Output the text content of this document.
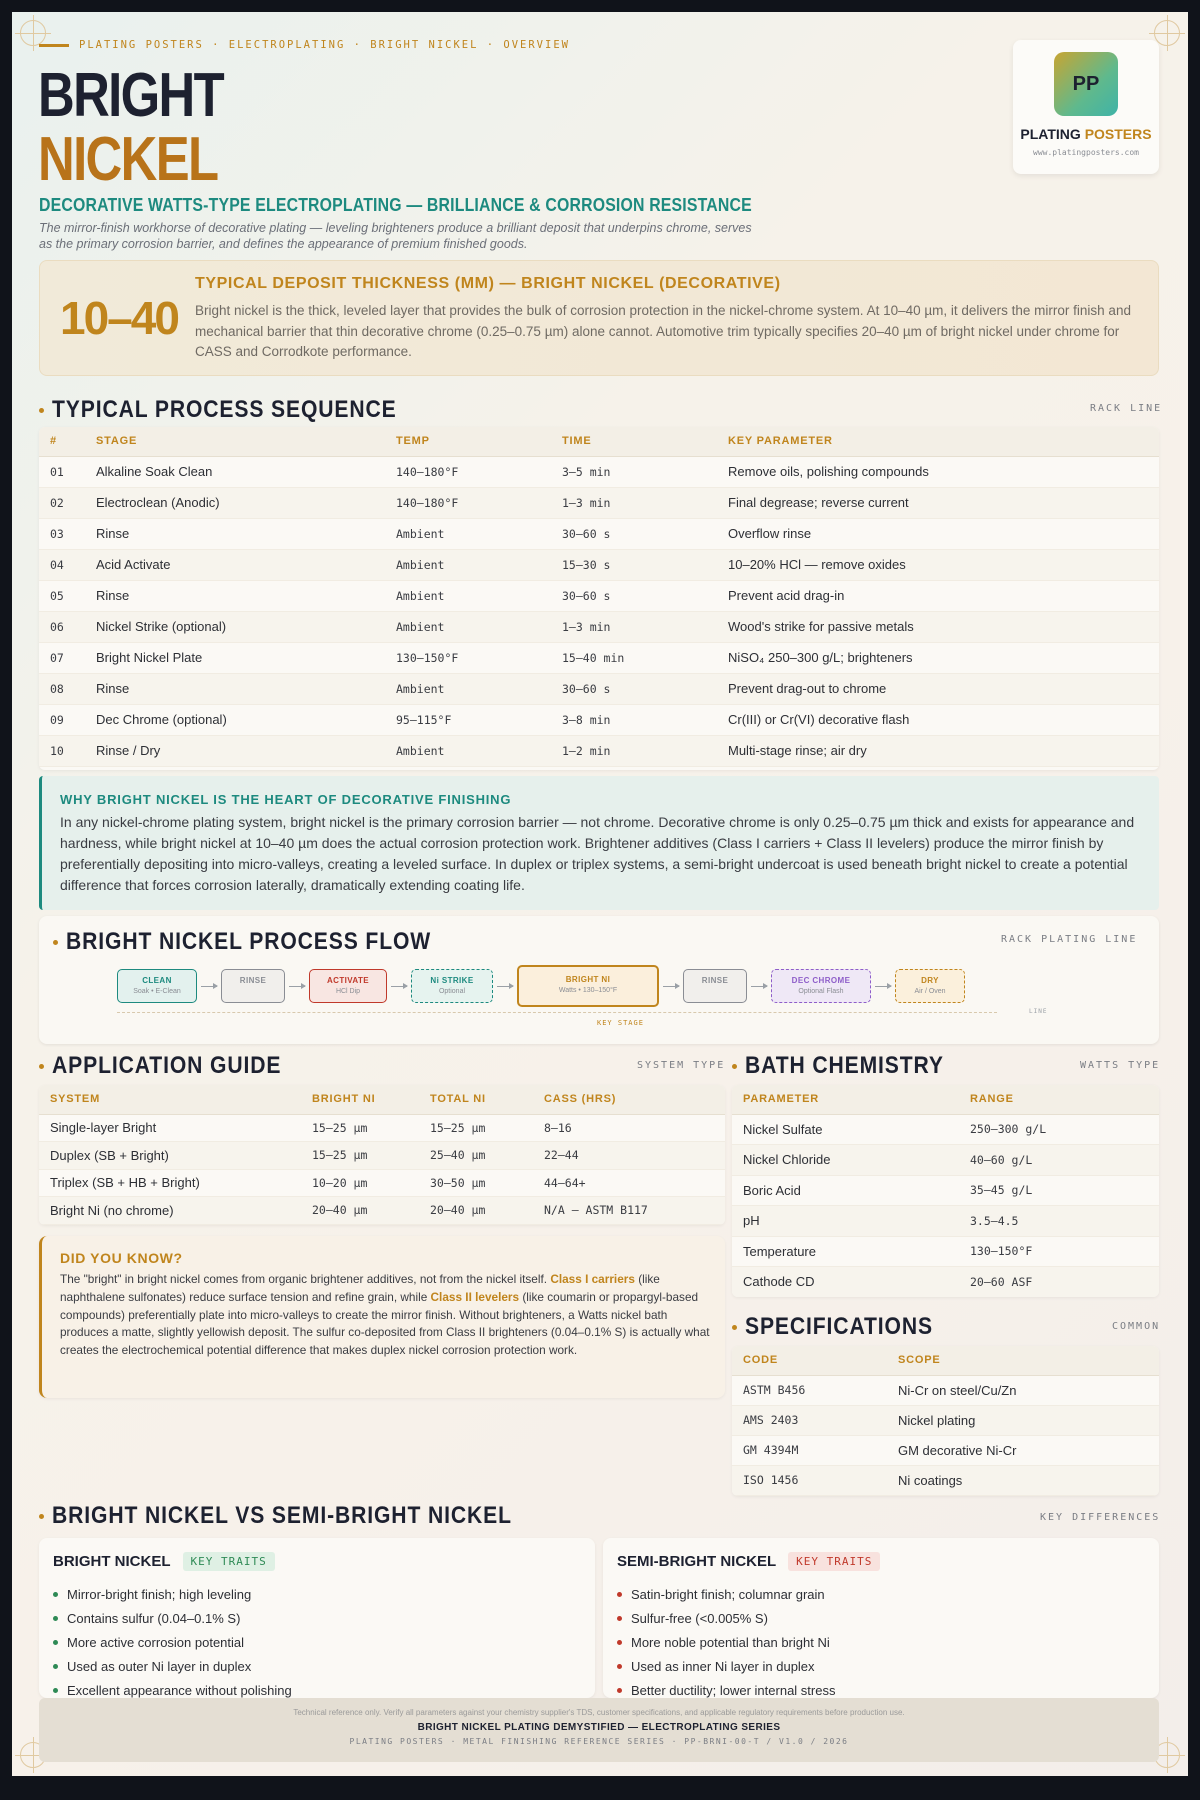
PLATING POSTERS · ELECTROPLATING · BRIGHT NICKEL · OVERVIEW
BRIGHT
NICKEL
DECORATIVE WATTS-TYPE ELECTROPLATING — BRILLIANCE & CORROSION RESISTANCE
The mirror-finish workhorse of decorative plating — leveling brighteners produce a brilliant deposit that underpins chrome, serves as the primary corrosion barrier, and defines the appearance of premium finished goods.
PP
PLATING POSTERS
www.platingposters.com
10–40
TYPICAL DEPOSIT THICKNESS (ΜM) — BRIGHT NICKEL (DECORATIVE)
Bright nickel is the thick, leveled layer that provides the bulk of corrosion protection in the nickel-chrome system. At 10–40 µm, it delivers the mirror finish and mechanical barrier that thin decorative chrome (0.25–0.75 µm) alone cannot. Automotive trim typically specifies 20–40 µm of bright nickel under chrome for CASS and Corrodkote performance.
TYPICAL PROCESS SEQUENCE	RACK LINE
#	STAGE	TEMP	TIME	KEY PARAMETER
01	Alkaline Soak Clean	140–180°F	3–5 min	Remove oils, polishing compounds
02	Electroclean (Anodic)	140–180°F	1–3 min	Final degrease; reverse current
03	Rinse	Ambient	30–60 s	Overflow rinse
04	Acid Activate	Ambient	15–30 s	10–20% HCl — remove oxides
05	Rinse	Ambient	30–60 s	Prevent acid drag-in
06	Nickel Strike (optional)	Ambient	1–3 min	Wood's strike for passive metals
07	Bright Nickel Plate	130–150°F	15–40 min	NiSO₄ 250–300 g/L; brighteners
08	Rinse	Ambient	30–60 s	Prevent drag-out to chrome
09	Dec Chrome (optional)	95–115°F	3–8 min	Cr(III) or Cr(VI) decorative flash
10	Rinse / Dry	Ambient	1–2 min	Multi-stage rinse; air dry
WHY BRIGHT NICKEL IS THE HEART OF DECORATIVE FINISHING
In any nickel-chrome plating system, bright nickel is the primary corrosion barrier — not chrome. Decorative chrome is only 0.25–0.75 µm thick and exists for appearance and hardness, while bright nickel at 10–40 µm does the actual corrosion protection work. Brightener additives (Class I carriers + Class II levelers) produce the mirror finish by preferentially depositing into micro-valleys, creating a leveled surface. In duplex or triplex systems, a semi-bright undercoat is used beneath bright nickel to create a potential difference that forces corrosion laterally, dramatically extending coating life.
BRIGHT NICKEL PROCESS FLOW	RACK PLATING LINE
CLEAN
Soak • E-Clean
RINSE	ACTIVATE
HCl Dip
Ni STRIKE
Optional
BRIGHT NI
Watts • 130–150°F
RINSE	DEC CHROME
Optional Flash
DRY
Air / Oven
KEY STAGE
LINE
APPLICATION GUIDE	SYSTEM TYPE
SYSTEM	BRIGHT NI	TOTAL NI	CASS (HRS)
Single-layer Bright	15–25 µm	15–25 µm	8–16
Duplex (SB + Bright)	15–25 µm	25–40 µm	22–44
Triplex (SB + HB + Bright)	10–20 µm	30–50 µm	44–64+
Bright Ni (no chrome)	20–40 µm	20–40 µm	N/A — ASTM B117
DID YOU KNOW?
The "bright" in bright nickel comes from organic brightener additives, not from the nickel itself. Class I carriers (like naphthalene sulfonates) reduce surface tension and refine grain, while Class II levelers (like coumarin or propargyl-based compounds) preferentially plate into micro-valleys to create the mirror finish. Without brighteners, a Watts nickel bath produces a matte, slightly yellowish deposit. The sulfur co-deposited from Class II brighteners (0.04–0.1% S) is actually what creates the electrochemical potential difference that makes duplex nickel corrosion protection work.
BATH CHEMISTRY	WATTS TYPE
PARAMETER	RANGE
Nickel Sulfate	250–300 g/L
Nickel Chloride	40–60 g/L
Boric Acid	35–45 g/L
pH	3.5–4.5
Temperature	130–150°F
Cathode CD	20–60 ASF
SPECIFICATIONS	COMMON
CODE	SCOPE
ASTM B456	Ni-Cr on steel/Cu/Zn
AMS 2403	Nickel plating
GM 4394M	GM decorative Ni-Cr
ISO 1456	Ni coatings
BRIGHT NICKEL VS SEMI-BRIGHT NICKEL	KEY DIFFERENCES
BRIGHT NICKEL	KEY TRAITS
Mirror-bright finish; high leveling
Contains sulfur (0.04–0.1% S)
More active corrosion potential
Used as outer Ni layer in duplex
Excellent appearance without polishing
SEMI-BRIGHT NICKEL	KEY TRAITS
Satin-bright finish; columnar grain
Sulfur-free (<0.005% S)
More noble potential than bright Ni
Used as inner Ni layer in duplex
Better ductility; lower internal stress
Technical reference only. Verify all parameters against your chemistry supplier's TDS, customer specifications, and applicable regulatory requirements before production use.
BRIGHT NICKEL PLATING DEMYSTIFIED — ELECTROPLATING SERIES
PLATING POSTERS · METAL FINISHING REFERENCE SERIES · PP-BRNI-00-T / V1.0 / 2026
